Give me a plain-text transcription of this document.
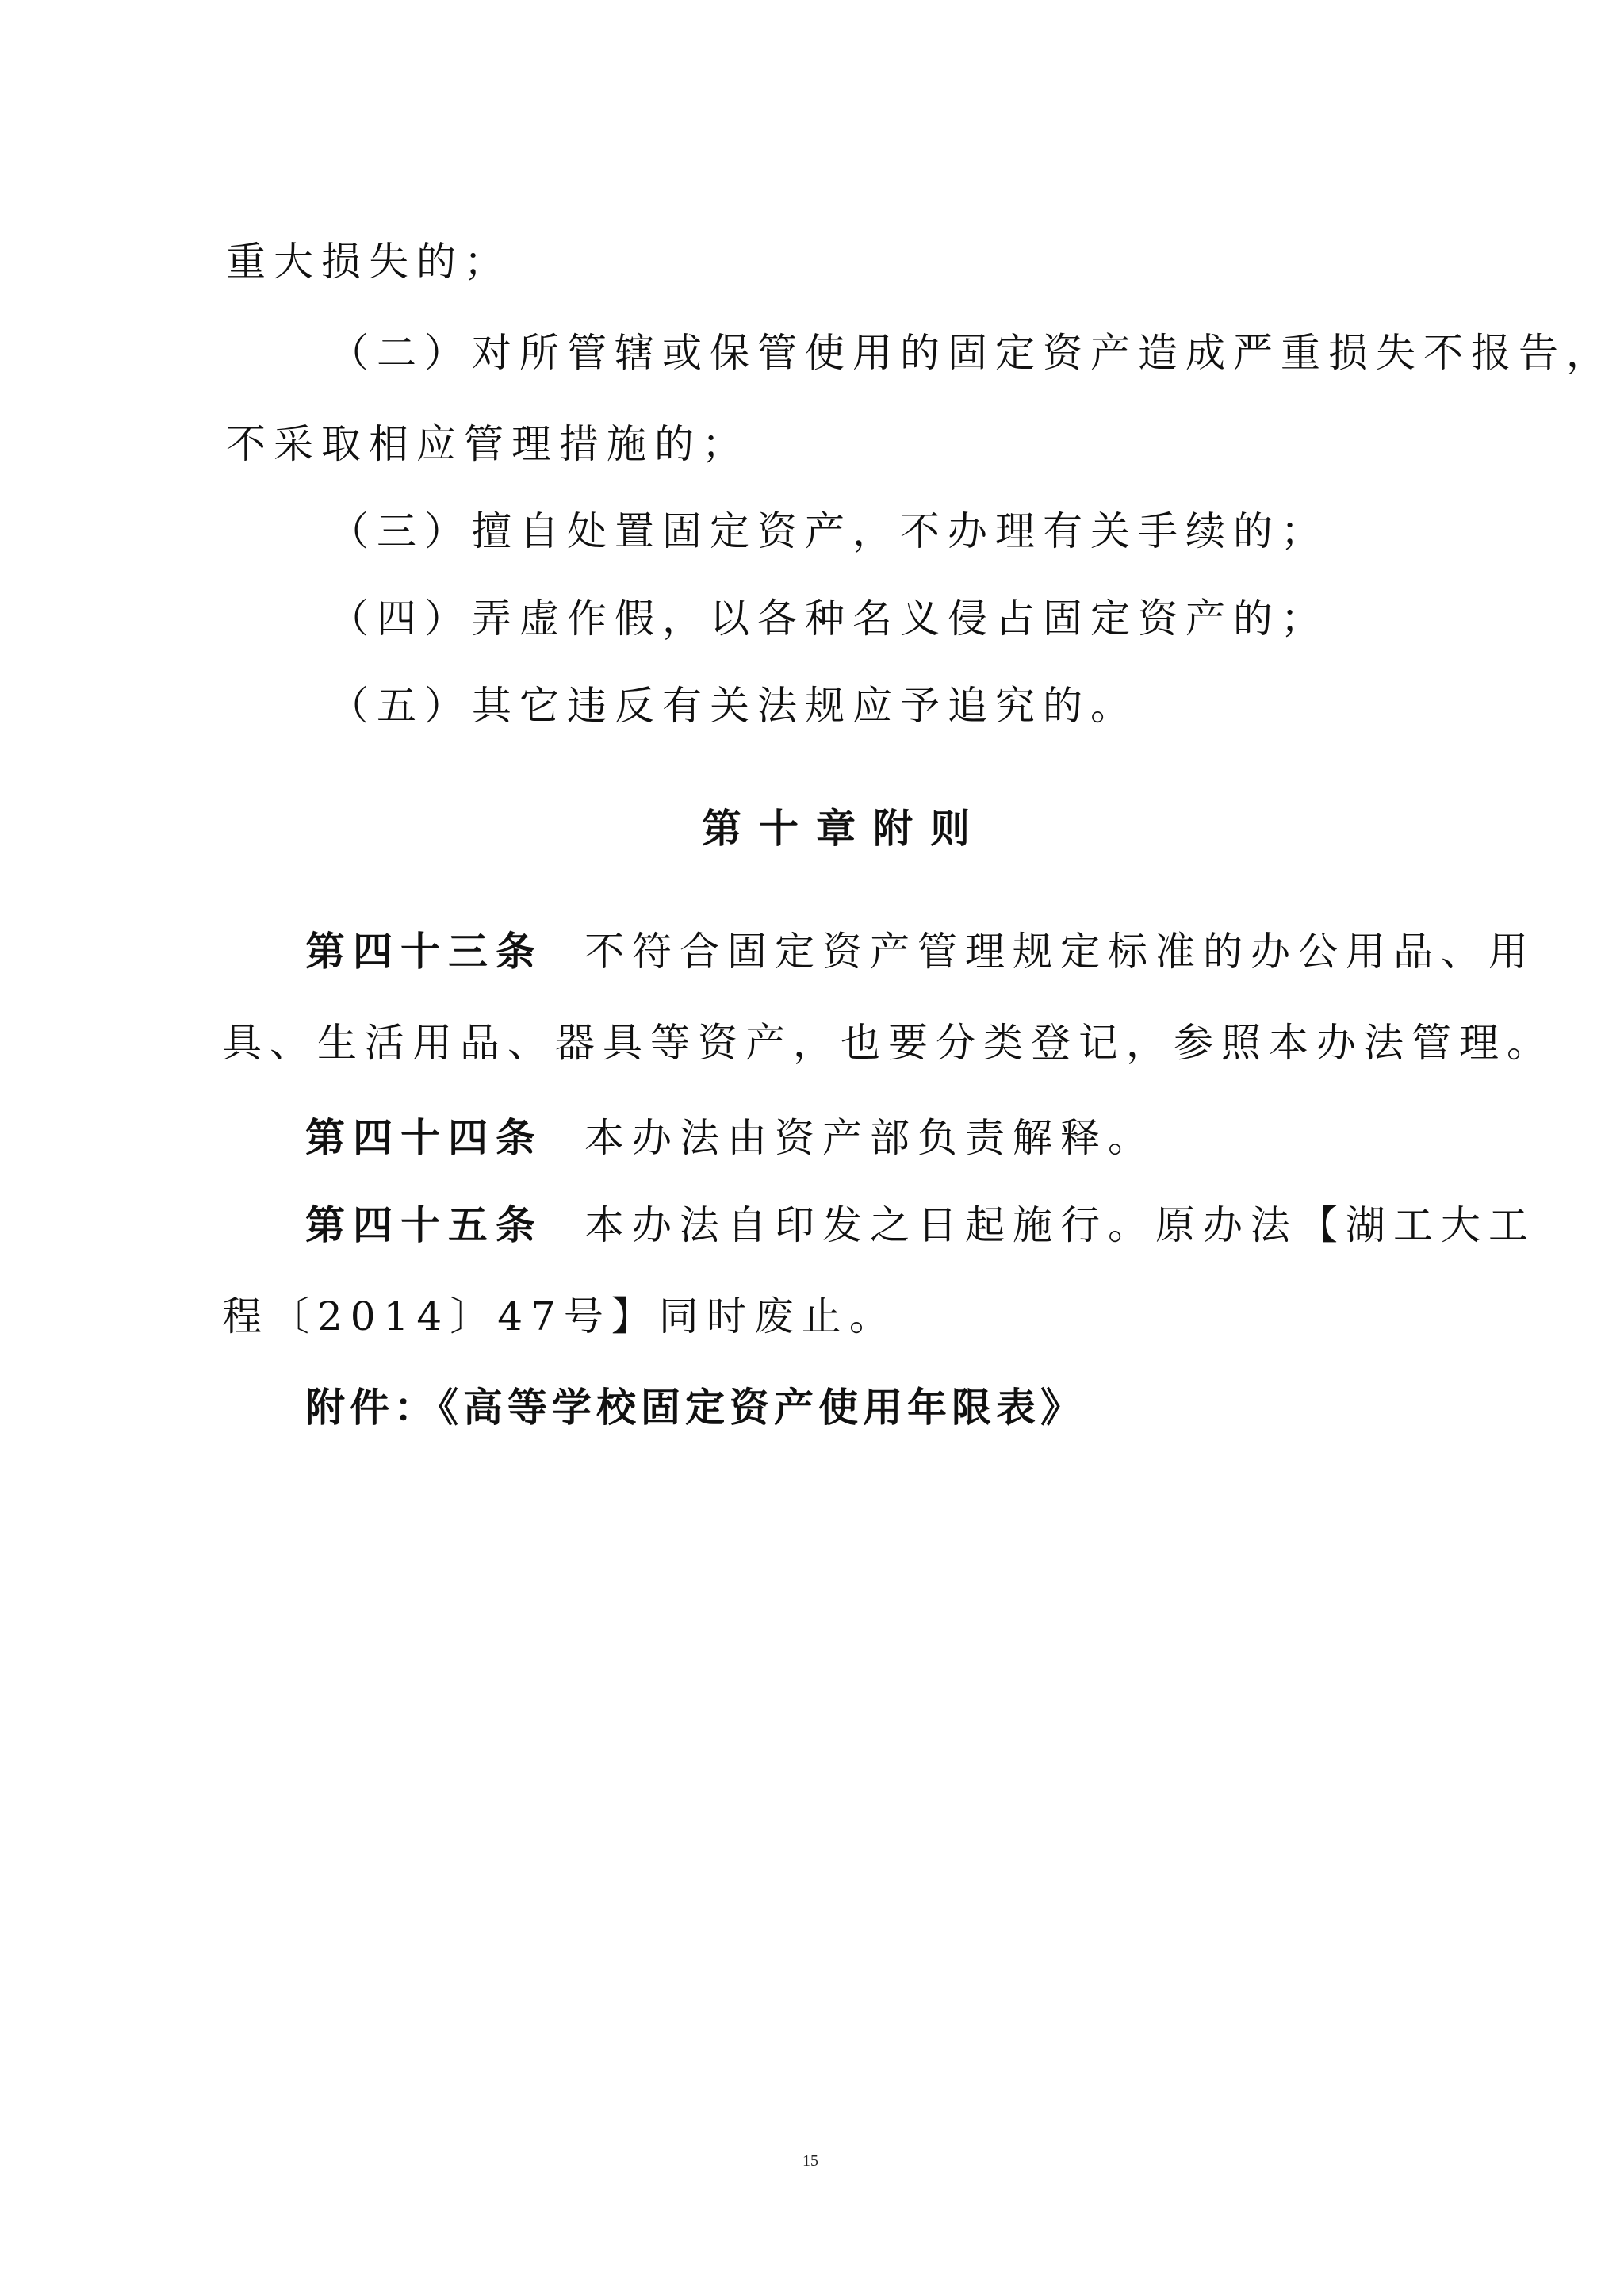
重大损失的；
（二）对所管辖或保管使用的固定资产造成严重损失不报告，
不采取相应管理措施的；
（三）擅自处置固定资产，不办理有关手续的；
（四）弄虚作假，以各种名义侵占固定资产的；
（五）其它违反有关法规应予追究的。
第十章附则
第四十三条 不符合固定资产管理规定标准的办公用品、用
具、生活用品、器具等资产，也要分类登记，参照本办法管理。
第四十四条 本办法由资产部负责解释。
第四十五条 本办法自印发之日起施行。原办法【湖工大工
程〔2014〕47号】同时废止。
附件：《高等学校固定资产使用年限表》
15
